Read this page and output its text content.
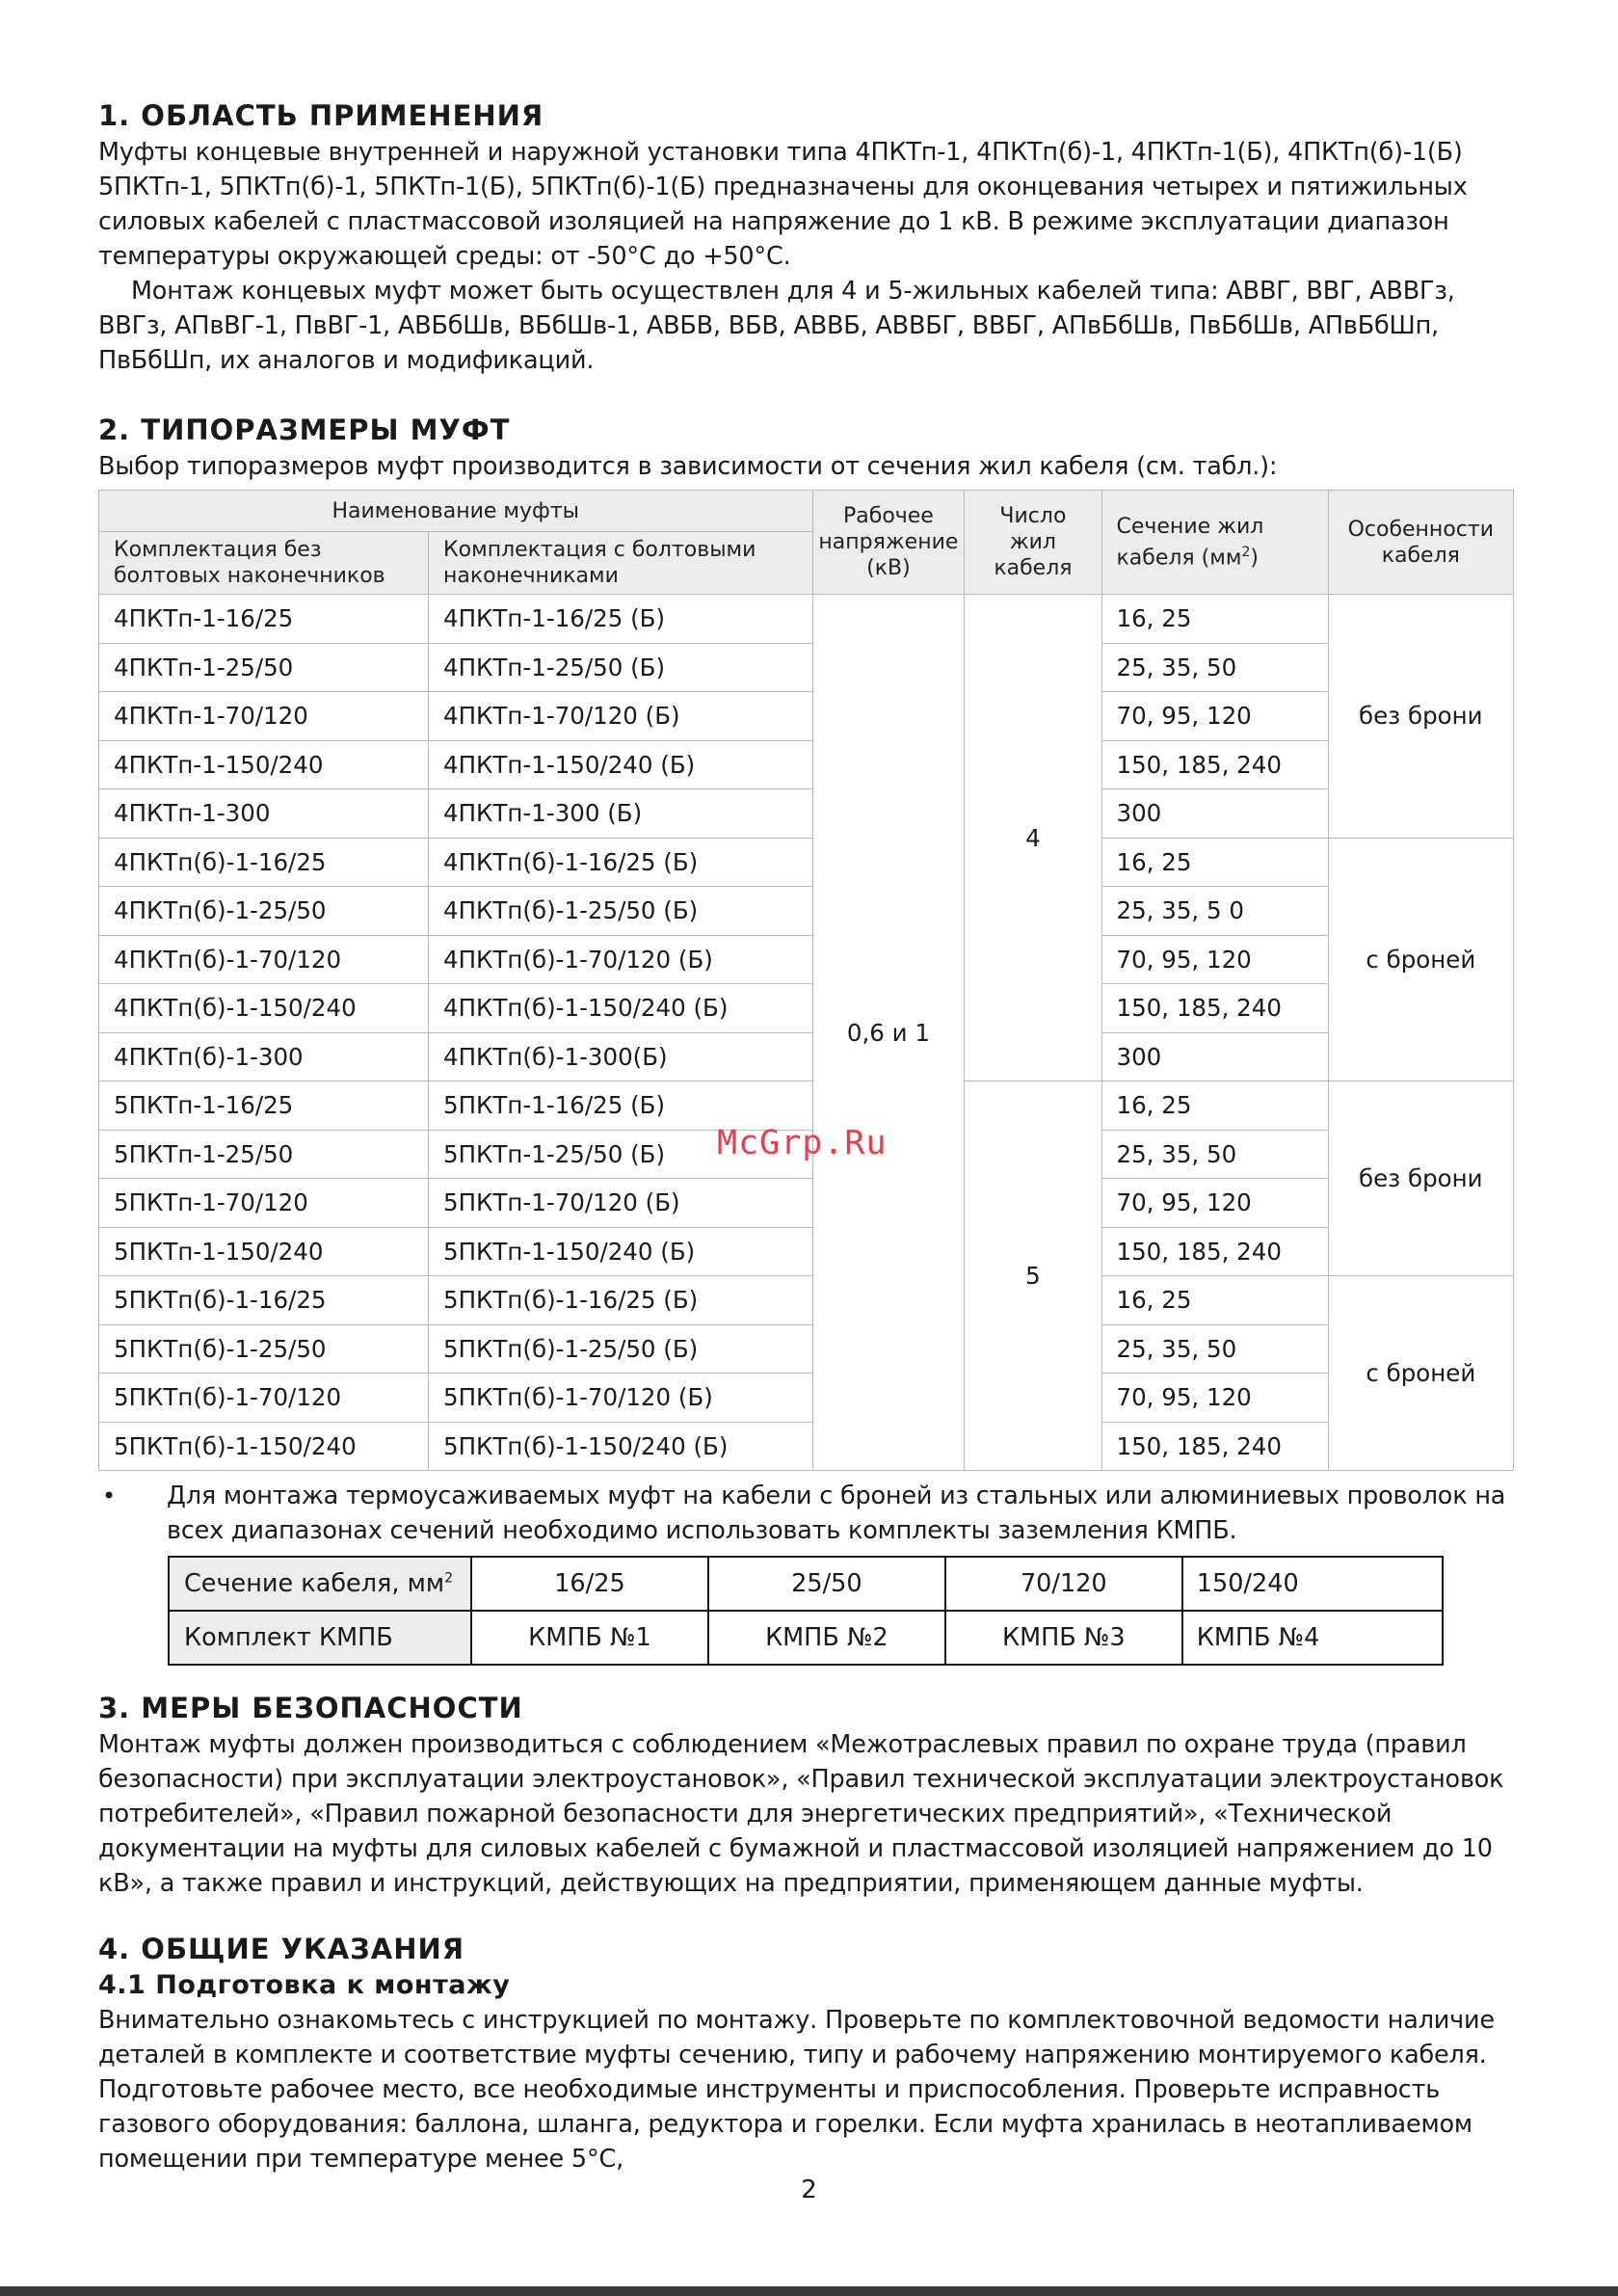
1. ОБЛАСТЬ ПРИМЕНЕНИЯ

Муфты концевые внутренней и наружной установки типа 4ПКТп-1, 4ПКТп(б)-1, 4ПКТп-1(Б), 4ПКТп(б)-1(Б) 5ПКТп-1, 5ПКТп(б)-1, 5ПКТп-1(Б), 5ПКТп(б)-1(Б) предназначены для оконцевания четырех и пятижильных силовых кабелей с пластмассовой изоляцией на напряжение до 1 кВ. В режиме эксплуатации диапазон температуры окружающей среды: от -50°С до +50°С.

Монтаж концевых муфт может быть осуществлен для 4 и 5-жильных кабелей типа: АВВГ, ВВГ, АВВГз, ВВГз, АПвВГ-1, ПвВГ-1, АВБбШв, ВБбШв-1, АВБВ, ВБВ, АВВБ, АВВБГ, ВВБГ, АПвБбШв, ПвБбШв, АПвБбШп, ПвБбШп, их аналогов и модификаций.

2. ТИПОРАЗМЕРЫ МУФТ

Выбор типоразмеров муфт производится в зависимости от сечения жил кабеля (см. табл.):

Наименование муфты		Рабочее напряжение (кВ)	Число жил кабеля	Сечение жил кабеля $(мм^2)$	Особенности кабеля
Комплектация без болтовых наконечников	Комплектация с болтовыми наконечниками				
4ПКТп-1-16/25	4ПКТп-1-16/25 (Б)	0,6 и 1	4	16, 25	без брони
4ПКТп-1-25/50	4ПКТп-1-25/50 (Б)			25, 35, 50	
4ПКТп-1-70/120	4ПКТп-1-70/120 (Б)			70, 95, 120	
4ПКТп-1-150/240	4ПКТп-1-150/240 (Б)			150, 185, 240	
4ПКТп-1-300	4ПКТп-1-300 (Б)			300	
4ПКТп(б)-1-16/25	4ПКТп(б)-1-16/25 (Б)			16, 25	с броней
4ПКТп(б)-1-25/50	4ПКТп(б)-1-25/50 (Б)			25, 35, 5 0	
4ПКТп(б)-1-70/120	4ПКТп(б)-1-70/120 (Б)			70, 95, 120	
4ПКТп(б)-1-150/240	4ПКТп(б)-1-150/240 (Б)			150, 185, 240	
4ПКТп(б)-1-300	4ПКТп(б)-1-300(Б)			300	
5ПКТп-1-16/25	5ПКТп-1-16/25 (Б)		5	16, 25	без брони
5ПКТп-1-25/50	5ПКТп-1-25/50 (Б)			25, 35, 50	
5ПКТп-1-70/120	5ПКТп-1-70/120 (Б)			70, 95, 120	
5ПКТп-1-150/240	5ПКТп-1-150/240 (Б)			150, 185, 240	
5ПКТп(б)-1-16/25	5ПКТп(б)-1-16/25 (Б)			16, 25	с броней
5ПКТп(б)-1-25/50	5ПКТп(б)-1-25/50 (Б)			25, 35, 50	
5ПКТп(б)-1-70/120	5ПКТп(б)-1-70/120 (Б)			70, 95, 120	
5ПКТп(б)-1-150/240	5ПКТп(б)-1-150/240 (Б)			150, 185, 240	
• Для монтажа термоусаживаемых муфт на кабели с броней из стальных или алюминиевых проволок на всех диапазонах сечений необходимо использовать комплекты заземления КМПБ.

Сечение кабеля, $мм^2$	16/25	25/50	70/120	150/240
Комплект КМПБ	КМПБ №1	КМПБ №2	КМПБ №3	КМПБ №4
3. МЕРЫ БЕЗОПАСНОСТИ

Монтаж муфты должен производиться с соблюдением «Межотраслевых правил по охране труда (правил безопасности) при эксплуатации электроустановок», «Правил технической эксплуатации электроустановок потребителей», «Правил пожарной безопасности для энергетических предприятий», «Технической документации на муфты для силовых кабелей с бумажной и пластмассовой изоляцией напряжением до 10 кВ», а также правил и инструкций, действующих на предприятии, применяющем данные муфты.

4. ОБЩИЕ УКАЗАНИЯ
4.1 Подготовка к монтажу

Внимательно ознакомьтесь с инструкцией по монтажу. Проверьте по комплектовочной ведомости наличие деталей в комплекте и соответствие муфты сечению, типу и рабочему напряжению монтируемого кабеля. Подготовьте рабочее место, все необходимые инструменты и приспособления. Проверьте исправность газового оборудования: баллона, шланга, редуктора и горелки. Если муфта хранилась в неотапливаемом помещении при температуре менее 5°С,

McGrp.Ru
2
